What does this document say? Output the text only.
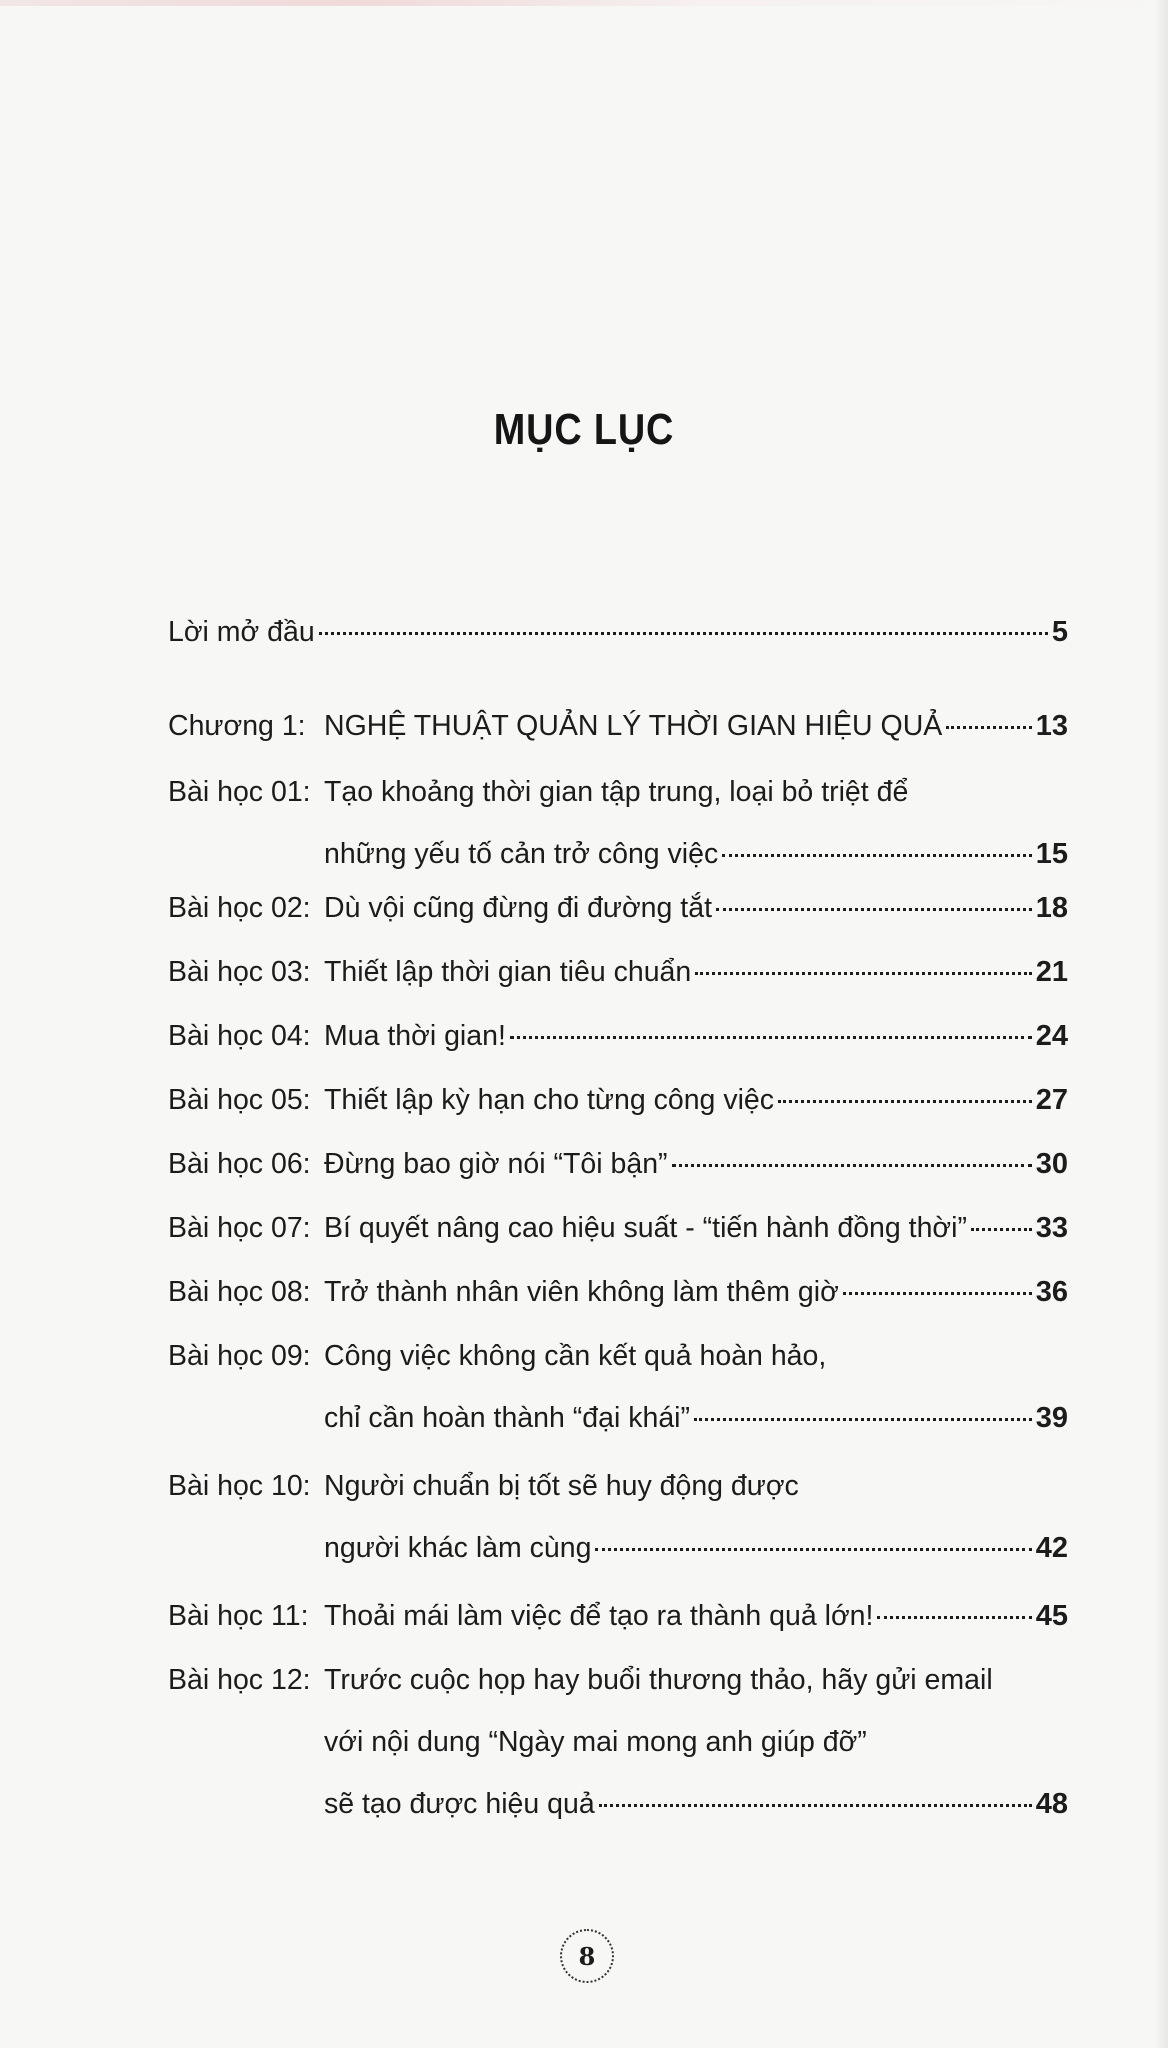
MỤC LỤC
Lời mở đầu	5
Chương 1: NGHỆ THUẬT QUẢN LÝ THỜI GIAN HIỆU QUẢ	13
Bài học 01: Tạo khoảng thời gian tập trung, loại bỏ triệt để
những yếu tố cản trở công việc	15
Bài học 02: Dù vội cũng đừng đi đường tắt	18
Bài học 03: Thiết lập thời gian tiêu chuẩn	21
Bài học 04: Mua thời gian!	24
Bài học 05: Thiết lập kỳ hạn cho từng công việc	27
Bài học 06: Đừng bao giờ nói “Tôi bận”	30
Bài học 07: Bí quyết nâng cao hiệu suất - “tiến hành đồng thời” 33
Bài học 08: Trở thành nhân viên không làm thêm giờ	36
Bài học 09: Công việc không cần kết quả hoàn hảo,
chỉ cần hoàn thành “đại khái”	39
Bài học 10: Người chuẩn bị tốt sẽ huy động được
người khác làm cùng	42
Bài học 11: Thoải mái làm việc để tạo ra thành quả lớn!	45
Bài học 12: Trước cuộc họp hay buổi thương thảo, hãy gửi email
với nội dung “Ngày mai mong anh giúp đỡ”
sẽ tạo được hiệu quả	48
8
